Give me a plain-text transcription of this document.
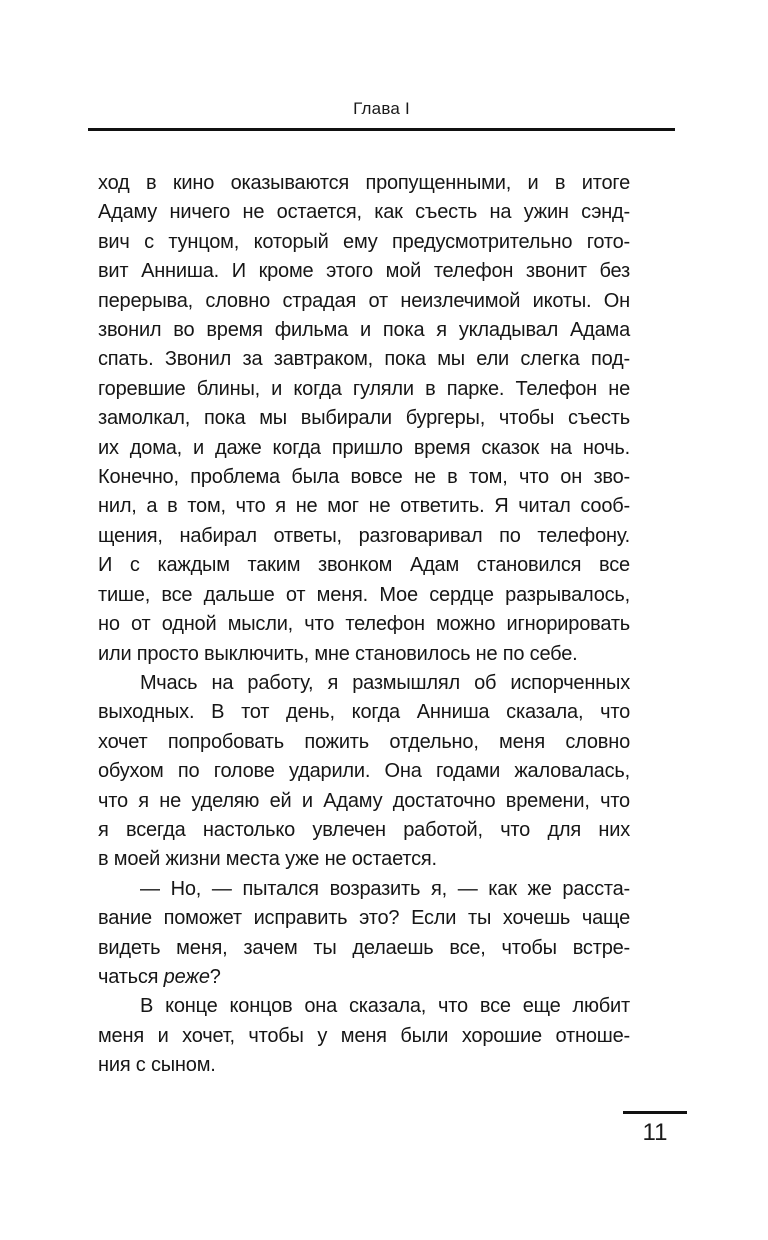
Глава I
ход в кино оказываются пропущенными, и в итоге
Адаму ничего не остается, как съесть на ужин сэнд-
вич с тунцом, который ему предусмотрительно гото-
вит Анниша. И кроме этого мой телефон звонит без
перерыва, словно страдая от неизлечимой икоты. Он
звонил во время фильма и пока я укладывал Адама
спать. Звонил за завтраком, пока мы ели слегка под-
горевшие блины, и когда гуляли в парке. Телефон не
замолкал, пока мы выбирали бургеры, чтобы съесть
их дома, и даже когда пришло время сказок на ночь.
Конечно, проблема была вовсе не в том, что он зво-
нил, а в том, что я не мог не ответить. Я читал сооб-
щения, набирал ответы, разговаривал по телефону.
И с каждым таким звонком Адам становился все
тише, все дальше от меня. Мое сердце разрывалось,
но от одной мысли, что телефон можно игнорировать
или просто выключить, мне становилось не по себе.
Мчась на работу, я размышлял об испорченных
выходных. В тот день, когда Анниша сказала, что
хочет попробовать пожить отдельно, меня словно
обухом по голове ударили. Она годами жаловалась,
что я не уделяю ей и Адаму достаточно времени, что
я всегда настолько увлечен работой, что для них
в моей жизни места уже не остается.
— Но, — пытался возразить я, — как же расста-
вание поможет исправить это? Если ты хочешь чаще
видеть меня, зачем ты делаешь все, чтобы встре-
чаться реже?
В конце концов она сказала, что все еще любит
меня и хочет, чтобы у меня были хорошие отноше-
ния с сыном.
11
